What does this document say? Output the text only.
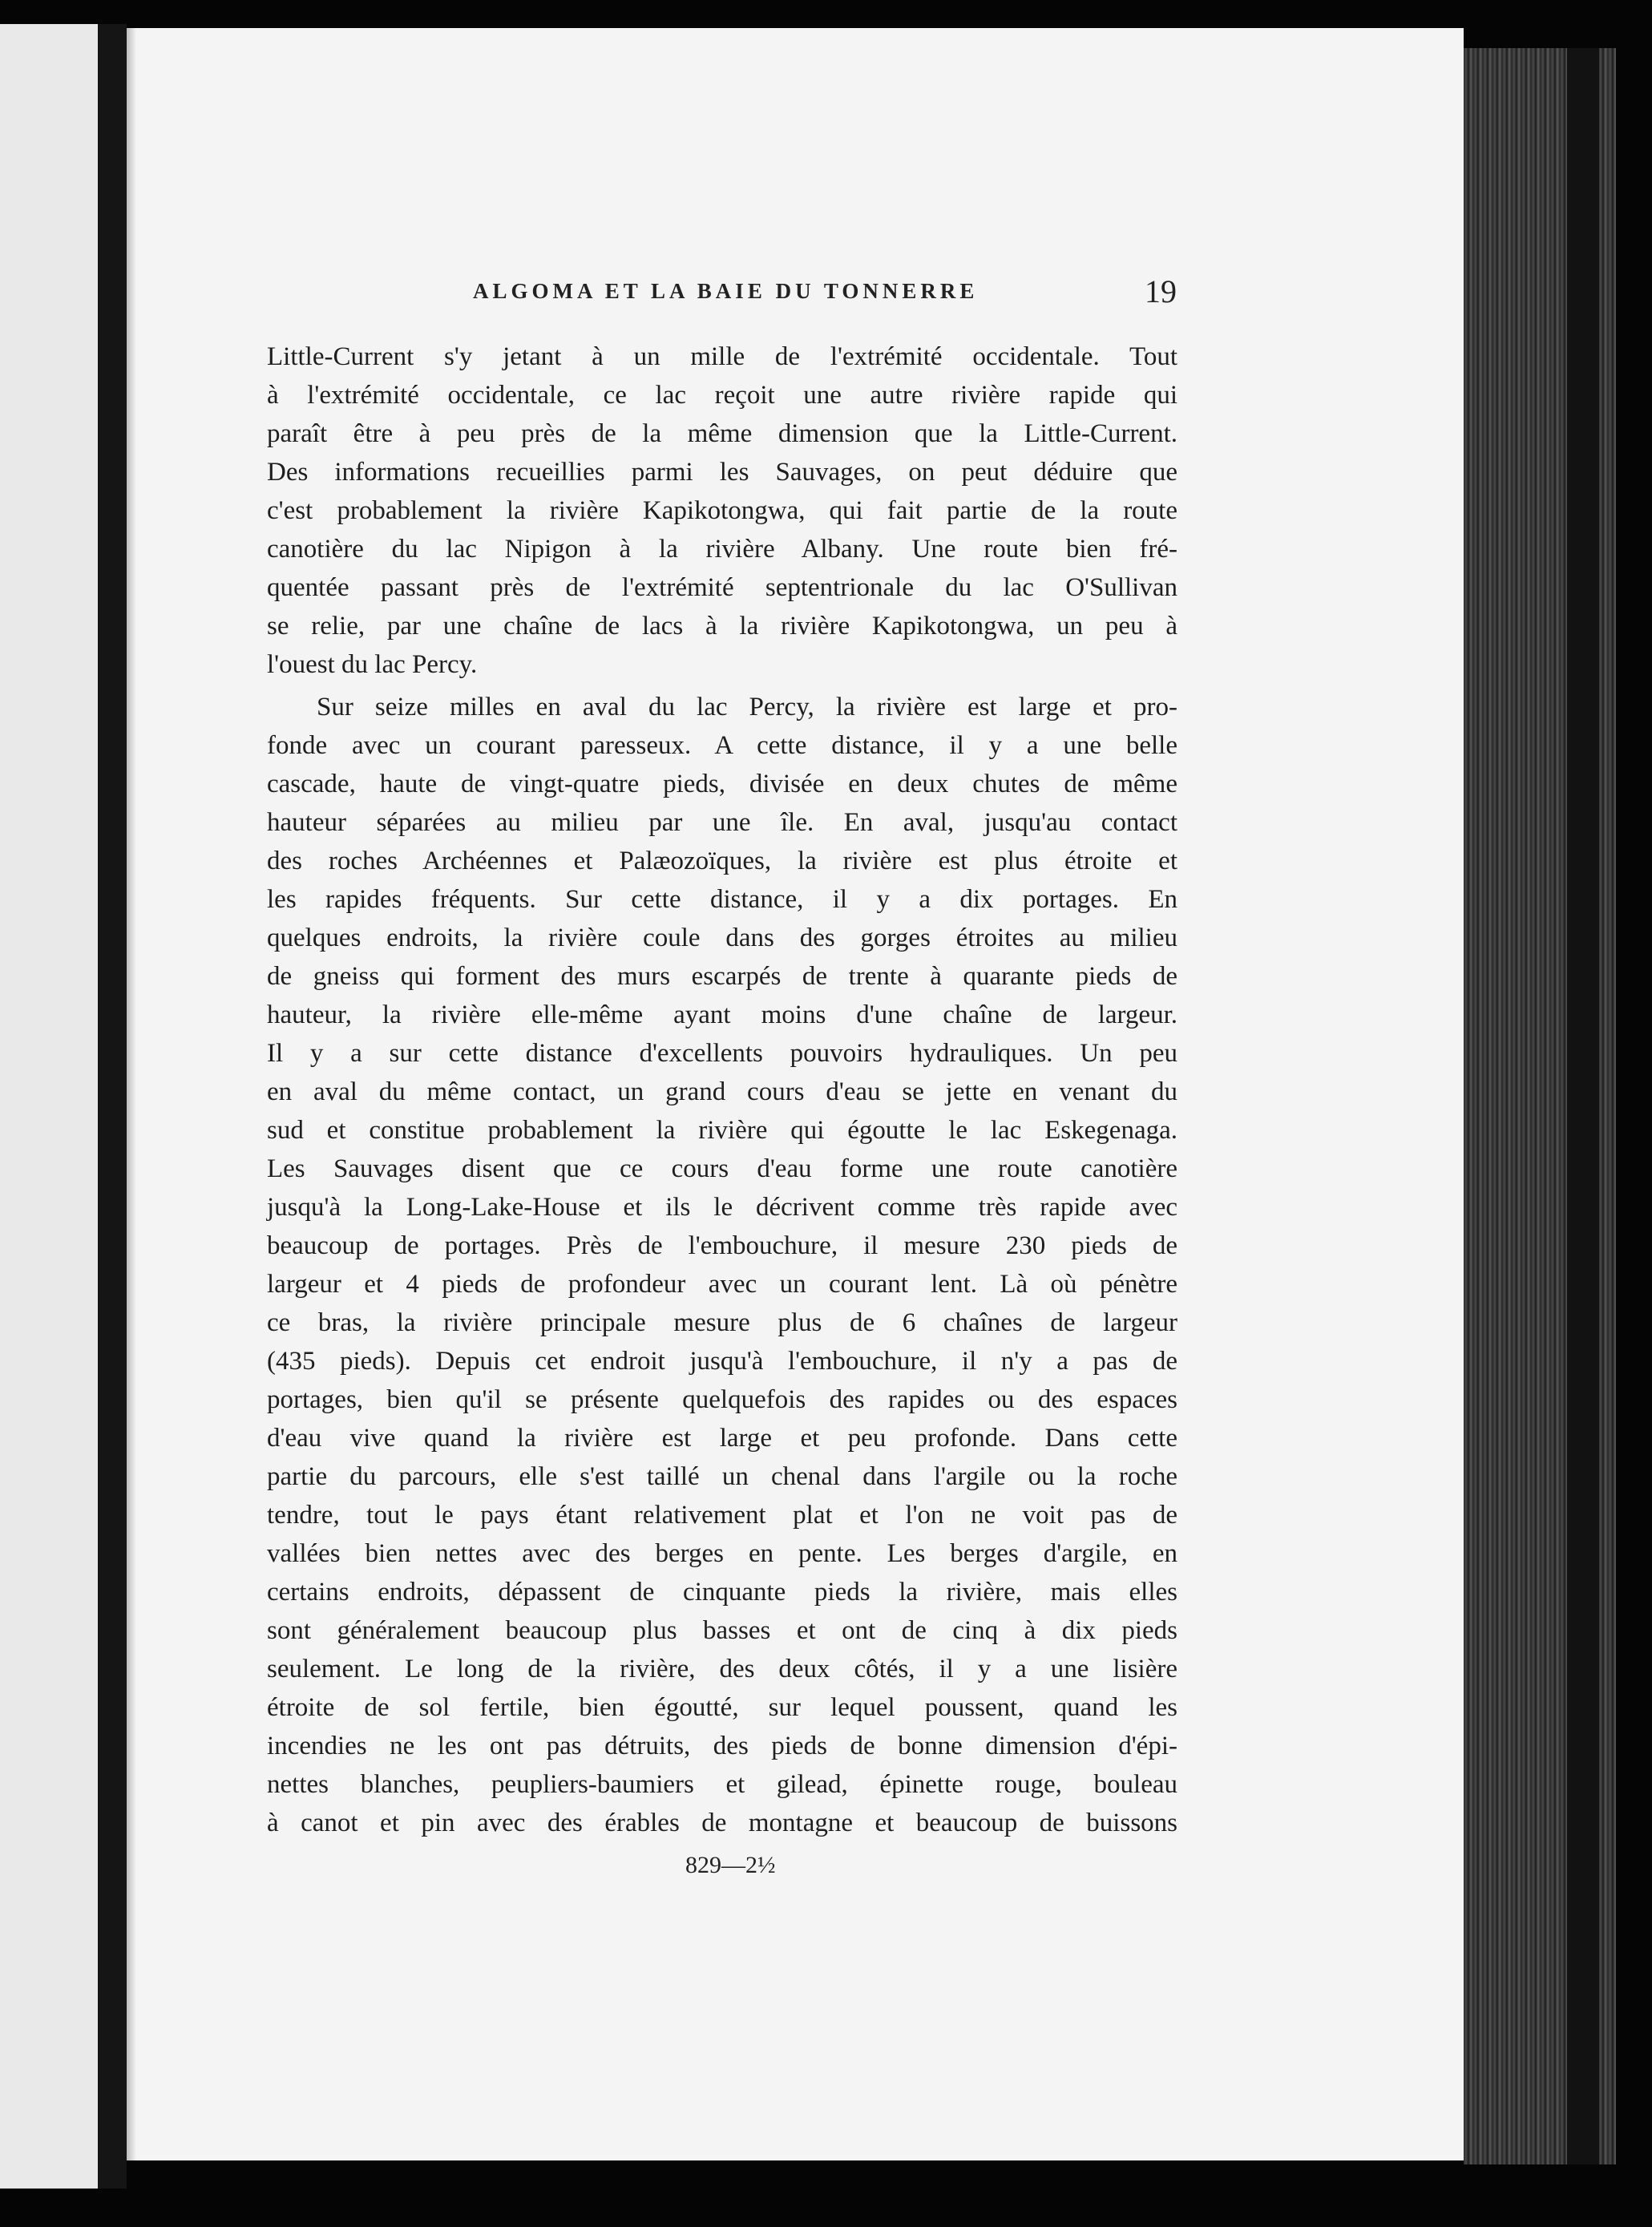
ALGOMA ET LA BAIE DU TONNERRE	19
Little-Current s'y jetant à un mille de l'extrémité occidentale. Tout
à l'extrémité occidentale, ce lac reçoit une autre rivière rapide qui
paraît être à peu près de la même dimension que la Little-Current.
Des informations recueillies parmi les Sauvages, on peut déduire que
c'est probablement la rivière Kapikotongwa, qui fait partie de la route
canotière du lac Nipigon à la rivière Albany. Une route bien fré-
quentée passant près de l'extrémité septentrionale du lac O'Sullivan
se relie, par une chaîne de lacs à la rivière Kapikotongwa, un peu à
l'ouest du lac Percy.
Sur seize milles en aval du lac Percy, la rivière est large et pro-
fonde avec un courant paresseux. A cette distance, il y a une belle
cascade, haute de vingt-quatre pieds, divisée en deux chutes de même
hauteur séparées au milieu par une île. En aval, jusqu'au contact
des roches Archéennes et Palæozoïques, la rivière est plus étroite et
les rapides fréquents. Sur cette distance, il y a dix portages. En
quelques endroits, la rivière coule dans des gorges étroites au milieu
de gneiss qui forment des murs escarpés de trente à quarante pieds de
hauteur, la rivière elle-même ayant moins d'une chaîne de largeur.
Il y a sur cette distance d'excellents pouvoirs hydrauliques. Un peu
en aval du même contact, un grand cours d'eau se jette en venant du
sud et constitue probablement la rivière qui égoutte le lac Eskegenaga.
Les Sauvages disent que ce cours d'eau forme une route canotière
jusqu'à la Long-Lake-House et ils le décrivent comme très rapide avec
beaucoup de portages. Près de l'embouchure, il mesure 230 pieds de
largeur et 4 pieds de profondeur avec un courant lent. Là où pénètre
ce bras, la rivière principale mesure plus de 6 chaînes de largeur
(435 pieds). Depuis cet endroit jusqu'à l'embouchure, il n'y a pas de
portages, bien qu'il se présente quelquefois des rapides ou des espaces
d'eau vive quand la rivière est large et peu profonde. Dans cette
partie du parcours, elle s'est taillé un chenal dans l'argile ou la roche
tendre, tout le pays étant relativement plat et l'on ne voit pas de
vallées bien nettes avec des berges en pente. Les berges d'argile, en
certains endroits, dépassent de cinquante pieds la rivière, mais elles
sont généralement beaucoup plus basses et ont de cinq à dix pieds
seulement. Le long de la rivière, des deux côtés, il y a une lisière
étroite de sol fertile, bien égoutté, sur lequel poussent, quand les
incendies ne les ont pas détruits, des pieds de bonne dimension d'épi-
nettes blanches, peupliers-baumiers et gilead, épinette rouge, bouleau
à canot et pin avec des érables de montagne et beaucoup de buissons
829—2½
